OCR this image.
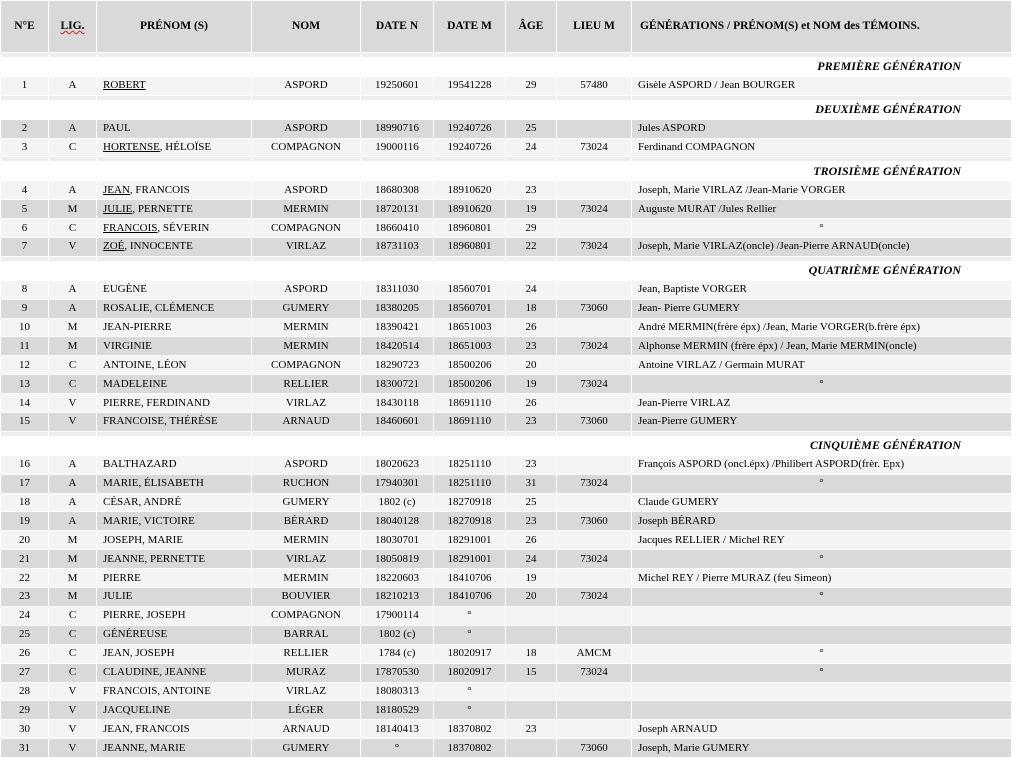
N°E	LIG.	PRÉNOM (S)	NOM	DATE N	DATE M	ÂGE	LIEU M	GÉNÉRATIONS / PRÉNOM(S) et NOM des TÉMOINS.

								PREMIÈRE GÉNÉRATION
1	A	ROBERT	ASPORD	19250601	19541228	29	57480	Gisèle ASPORD / Jean BOURGER

								DEUXIÈME GÉNÉRATION
2	A	PAUL	ASPORD	18990716	19240726	25		Jules ASPORD
3	C	HORTENSE, HÉLOÏSE	COMPAGNON	19000116	19240726	24	73024	Ferdinand COMPAGNON

								TROISIÈME GÉNÉRATION
4	A	JEAN, FRANCOIS	ASPORD	18680308	18910620	23		Joseph, Marie VIRLAZ /Jean-Marie VORGER
5	M	JULIE, PERNETTE	MERMIN	18720131	18910620	19	73024	Auguste MURAT /Jules Rellier
6	C	FRANCOIS, SÉVERIN	COMPAGNON	18660410	18960801	29		°
7	V	ZOÉ, INNOCENTE	VIRLAZ	18731103	18960801	22	73024	Joseph, Marie VIRLAZ(oncle) /Jean-Pierre ARNAUD(oncle)

								QUATRIÈME GÉNÉRATION
8	A	EUGÈNE	ASPORD	18311030	18560701	24		Jean, Baptiste VORGER
9	A	ROSALIE, CLÉMENCE	GUMERY	18380205	18560701	18	73060	Jean- Pierre GUMERY
10	M	JEAN-PIERRE	MERMIN	18390421	18651003	26		André MERMIN(frère épx) /Jean, Marie VORGER(b.frère épx)
11	M	VIRGINIE	MERMIN	18420514	18651003	23	73024	Alphonse MERMIN (frère épx) / Jean, Marie MERMIN(oncle)
12	C	ANTOINE, LÉON	COMPAGNON	18290723	18500206	20		Antoine VIRLAZ / Germain MURAT
13	C	MADELEINE	RELLIER	18300721	18500206	19	73024	°
14	V	PIERRE, FERDINAND	VIRLAZ	18430118	18691110	26		Jean-Pierre VIRLAZ
15	V	FRANCOISE, THÉRÈSE	ARNAUD	18460601	18691110	23	73060	Jean-Pierre GUMERY

								CINQUIÈME GÉNÉRATION
16	A	BALTHAZARD	ASPORD	18020623	18251110	23		François ASPORD (oncl.épx) /Philibert ASPORD(frèr. Epx)
17	A	MARIE, ÉLISABETH	RUCHON	17940301	18251110	31	73024	°
18	A	CÉSAR, ANDRÉ	GUMERY	1802 (c)	18270918	25		Claude GUMERY
19	A	MARIE, VICTOIRE	BÉRARD	18040128	18270918	23	73060	Joseph BÉRARD
20	M	JOSEPH, MARIE	MERMIN	18030701	18291001	26		Jacques RELLIER / Michel REY
21	M	JEANNE, PERNETTE	VIRLAZ	18050819	18291001	24	73024	°
22	M	PIERRE	MERMIN	18220603	18410706	19		Michel REY / Pierre MURAZ (feu Simeon)
23	M	JULIE	BOUVIER	18210213	18410706	20	73024	°
24	C	PIERRE, JOSEPH	COMPAGNON	17900114	°			
25	C	GÉNÉREUSE	BARRAL	1802 (c)	°			
26	C	JEAN, JOSEPH	RELLIER	1784 (c)	18020917	18	AMCM	°
27	C	CLAUDINE, JEANNE	MURAZ	17870530	18020917	15	73024	°
28	V	FRANCOIS, ANTOINE	VIRLAZ	18080313	°			
29	V	JACQUELINE	LÉGER	18180529	°			
30	V	JEAN, FRANCOIS	ARNAUD	18140413	18370802	23		Joseph ARNAUD
31	V	JEANNE, MARIE	GUMERY	°	18370802		73060	Joseph, Marie GUMERY
